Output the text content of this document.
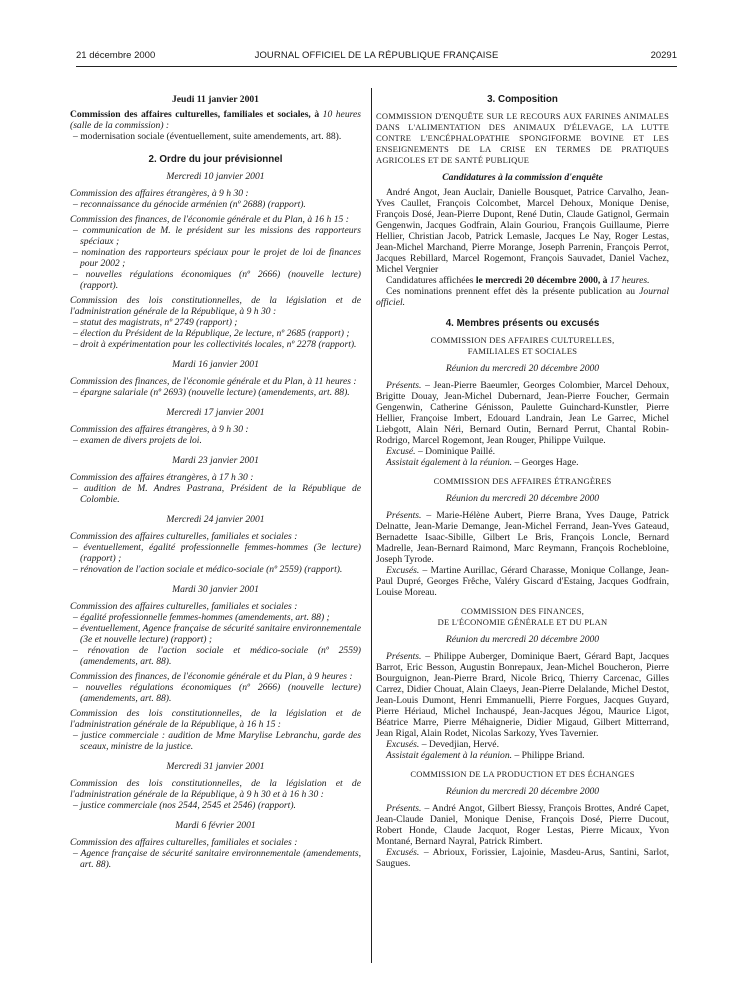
21 décembre 2000	JOURNAL OFFICIEL DE LA RÉPUBLIQUE FRANÇAISE	20291
Jeudi 11 janvier 2001
Commission des affaires culturelles, familiales et sociales, à 10 heures (salle de la commission) :
– modernisation sociale (éventuellement, suite amendements, art. 88).
2. Ordre du jour prévisionnel
Mercredi 10 janvier 2001
Commission des affaires étrangères, à 9 h 30 :
– reconnaissance du génocide arménien (nº 2688) (rapport).
Commission des finances, de l'économie générale et du Plan, à 16 h 15 :
– communication de M. le président sur les missions des rapporteurs spéciaux ;
– nomination des rapporteurs spéciaux pour le projet de loi de finances pour 2002 ;
– nouvelles régulations économiques (nº 2666) (nouvelle lecture) (rapport).
Commission des lois constitutionnelles, de la législation et de l'administration générale de la République, à 9 h 30 :
– statut des magistrats, nº 2749 (rapport) ;
– élection du Président de la République, 2e lecture, nº 2685 (rapport) ;
– droit à expérimentation pour les collectivités locales, nº 2278 (rapport).
Mardi 16 janvier 2001
Commission des finances, de l'économie générale et du Plan, à 11 heures :
– épargne salariale (nº 2693) (nouvelle lecture) (amendements, art. 88).
Mercredi 17 janvier 2001
Commission des affaires étrangères, à 9 h 30 :
– examen de divers projets de loi.
Mardi 23 janvier 2001
Commission des affaires étrangères, à 17 h 30 :
– audition de M. Andres Pastrana, Président de la République de Colombie.
Mercredi 24 janvier 2001
Commission des affaires culturelles, familiales et sociales :
– éventuellement, égalité professionnelle femmes-hommes (3e lecture) (rapport) ;
– rénovation de l'action sociale et médico-sociale (nº 2559) (rapport).
Mardi 30 janvier 2001
Commission des affaires culturelles, familiales et sociales :
– égalité professionnelle femmes-hommes (amendements, art. 88) ;
– éventuellement, Agence française de sécurité sanitaire environnementale (3e et nouvelle lecture) (rapport) ;
– rénovation de l'action sociale et médico-sociale (nº 2559) (amendements, art. 88).
Commission des finances, de l'économie générale et du Plan, à 9 heures :
– nouvelles régulations économiques (nº 2666) (nouvelle lecture) (amendements, art. 88).
Commission des lois constitutionnelles, de la législation et de l'administration générale de la République, à 16 h 15 :
– justice commerciale : audition de Mme Marylise Lebranchu, garde des sceaux, ministre de la justice.
Mercredi 31 janvier 2001
Commission des lois constitutionnelles, de la législation et de l'administration générale de la République, à 9 h 30 et à 16 h 30 :
– justice commerciale (nos 2544, 2545 et 2546) (rapport).
Mardi 6 février 2001
Commission des affaires culturelles, familiales et sociales :
– Agence française de sécurité sanitaire environnementale (amendements, art. 88).
3. Composition
COMMISSION D'ENQUÊTE SUR LE RECOURS AUX FARINES ANIMALES DANS L'ALIMENTATION DES ANIMAUX D'ÉLEVAGE, LA LUTTE CONTRE L'ENCÉPHALOPATHIE SPONGIFORME BOVINE ET LES ENSEIGNEMENTS DE LA CRISE EN TERMES DE PRATIQUES AGRICOLES ET DE SANTÉ PUBLIQUE
Candidatures à la commission d'enquête
André Angot, Jean Auclair, Danielle Bousquet, Patrice Carvalho, Jean-Yves Caullet, François Colcombet, Marcel Dehoux, Monique Denise, François Dosé, Jean-Pierre Dupont, René Dutin, Claude Gatignol, Germain Gengenwin, Jacques Godfrain, Alain Gouriou, François Guillaume, Pierre Hellier, Christian Jacob, Patrick Lemasle, Jacques Le Nay, Roger Lestas, Jean-Michel Marchand, Pierre Morange, Joseph Parrenin, François Perrot, Jacques Rebillard, Marcel Rogemont, François Sauvadet, Daniel Vachez, Michel Vergnier
Candidatures affichées le mercredi 20 décembre 2000, à 17 heures.
Ces nominations prennent effet dès la présente publication au Journal officiel.
4. Membres présents ou excusés
COMMISSION DES AFFAIRES CULTURELLES,
FAMILIALES ET SOCIALES
Réunion du mercredi 20 décembre 2000
Présents. – Jean-Pierre Baeumler, Georges Colombier, Marcel Dehoux, Brigitte Douay, Jean-Michel Dubernard, Jean-Pierre Foucher, Germain Gengenwin, Catherine Génisson, Paulette Guinchard-Kunstler, Pierre Hellier, Françoise Imbert, Edouard Landrain, Jean Le Garrec, Michel Liebgott, Alain Néri, Bernard Outin, Bernard Perrut, Chantal Robin-Rodrigo, Marcel Rogemont, Jean Rouger, Philippe Vuilque.
Excusé. – Dominique Paillé.
Assistait également à la réunion. – Georges Hage.
COMMISSION DES AFFAIRES ÉTRANGÈRES
Réunion du mercredi 20 décembre 2000
Présents. – Marie-Hélène Aubert, Pierre Brana, Yves Dauge, Patrick Delnatte, Jean-Marie Demange, Jean-Michel Ferrand, Jean-Yves Gateaud, Bernadette Isaac-Sibille, Gilbert Le Bris, François Loncle, Bernard Madrelle, Jean-Bernard Raimond, Marc Reymann, François Rochebloine, Joseph Tyrode.
Excusés. – Martine Aurillac, Gérard Charasse, Monique Collange, Jean-Paul Dupré, Georges Frêche, Valéry Giscard d'Estaing, Jacques Godfrain, Louise Moreau.
COMMISSION DES FINANCES,
DE L'ÉCONOMIE GÉNÉRALE ET DU PLAN
Réunion du mercredi 20 décembre 2000
Présents. – Philippe Auberger, Dominique Baert, Gérard Bapt, Jacques Barrot, Eric Besson, Augustin Bonrepaux, Jean-Michel Boucheron, Pierre Bourguignon, Jean-Pierre Brard, Nicole Bricq, Thierry Carcenac, Gilles Carrez, Didier Chouat, Alain Claeys, Jean-Pierre Delalande, Michel Destot, Jean-Louis Dumont, Henri Emmanuelli, Pierre Forgues, Jacques Guyard, Pierre Hériaud, Michel Inchauspé, Jean-Jacques Jégou, Maurice Ligot, Béatrice Marre, Pierre Méhaignerie, Didier Migaud, Gilbert Mitterrand, Jean Rigal, Alain Rodet, Nicolas Sarkozy, Yves Tavernier.
Excusés. – Devedjian, Hervé.
Assistait également à la réunion. – Philippe Briand.
COMMISSION DE LA PRODUCTION ET DES ÉCHANGES
Réunion du mercredi 20 décembre 2000
Présents. – André Angot, Gilbert Biessy, François Brottes, André Capet, Jean-Claude Daniel, Monique Denise, François Dosé, Pierre Ducout, Robert Honde, Claude Jacquot, Roger Lestas, Pierre Micaux, Yvon Montané, Bernard Nayral, Patrick Rimbert.
Excusés. – Abrioux, Forissier, Lajoinie, Masdeu-Arus, Santini, Sarlot, Saugues.
